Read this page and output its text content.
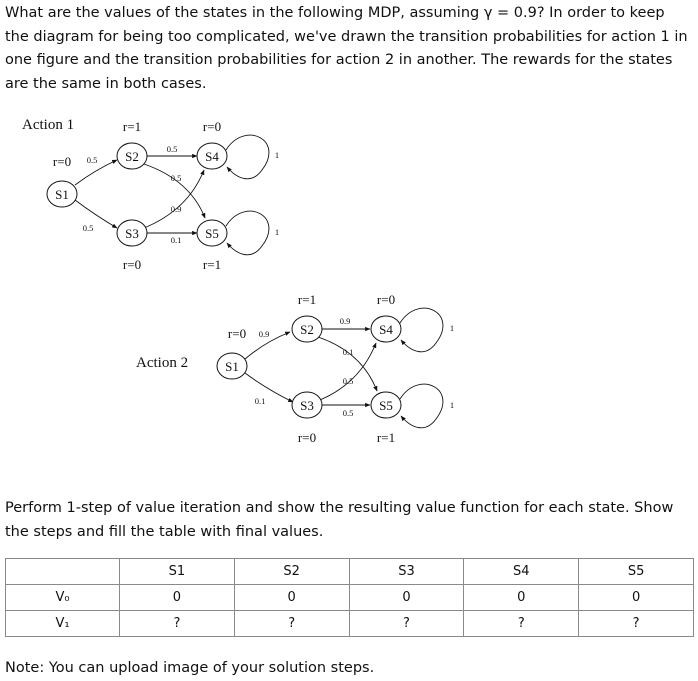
What are the values of the states in the following MDP, assuming γ = 0.9? In order to keep the diagram for being too complicated, we've drawn the transition probabilities for action 1 in one figure and the transition probabilities for action 2 in another. The rewards for the states are the same in both cases.

Action 1
S1
S2
S3
S4
S5
r=0
r=1
r=0
r=0
r=1
0.5
0.5
0.5
0.5
0.9
0.1
1
1
Action 2	S1
S2
S3
S4
S5
r=0
r=1
r=0
r=0
r=1
0.9
0.1
0.9
0.1
0.5
0.5
1
1

Perform 1-step of value iteration and show the resulting value function for each state. Show the steps and fill the table with final values.

	S1	S2	S3	S4	S5
V₀	0	0	0	0	0
V₁	?	?	?	?	?

Note: You can upload image of your solution steps.
